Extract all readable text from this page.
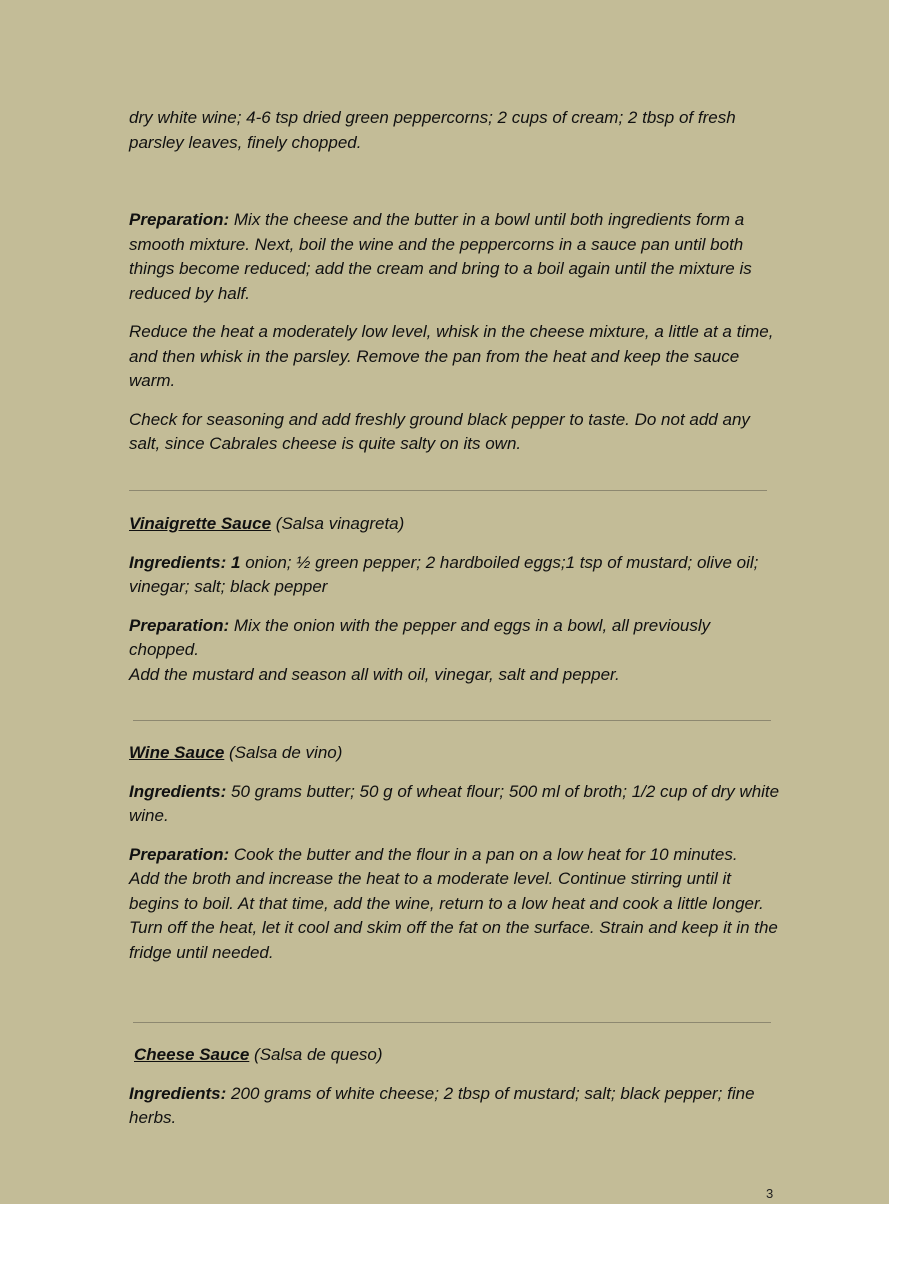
dry white wine; 4-6 tsp dried green peppercorns; 2 cups of cream; 2 tbsp of fresh parsley leaves, finely chopped.

Preparation: Mix the cheese and the butter in a bowl until both ingredients form a smooth mixture. Next, boil the wine and the peppercorns in a sauce pan until both things become reduced; add the cream and bring to a boil again until the mixture is reduced by half.

Reduce the heat a moderately low level, whisk in the cheese mixture, a little at a time, and then whisk in the parsley. Remove the pan from the heat and keep the sauce warm.

Check for seasoning and add freshly ground black pepper to taste. Do not add any salt, since Cabrales cheese is quite salty on its own.

Vinaigrette Sauce (Salsa vinagreta)

Ingredients: 1 onion; ½ green pepper; 2 hardboiled eggs;1 tsp of mustard; olive oil; vinegar; salt; black pepper

Preparation: Mix the onion with the pepper and eggs in a bowl, all previously chopped.

Add the mustard and season all with oil, vinegar, salt and pepper.

Wine Sauce (Salsa de vino)

Ingredients: 50 grams butter; 50 g of wheat flour; 500 ml of broth; 1/2 cup of dry white wine.

Preparation: Cook the butter and the flour in a pan on a low heat for 10 minutes.

Add the broth and increase the heat to a moderate level. Continue stirring until it begins to boil. At that time, add the wine, return to a low heat and cook a little longer. Turn off the heat, let it cool and skim off the fat on the surface. Strain and keep it in the fridge until needed.

Cheese Sauce (Salsa de queso)

Ingredients: 200 grams of white cheese; 2 tbsp of mustard; salt; black pepper; fine herbs.

3
